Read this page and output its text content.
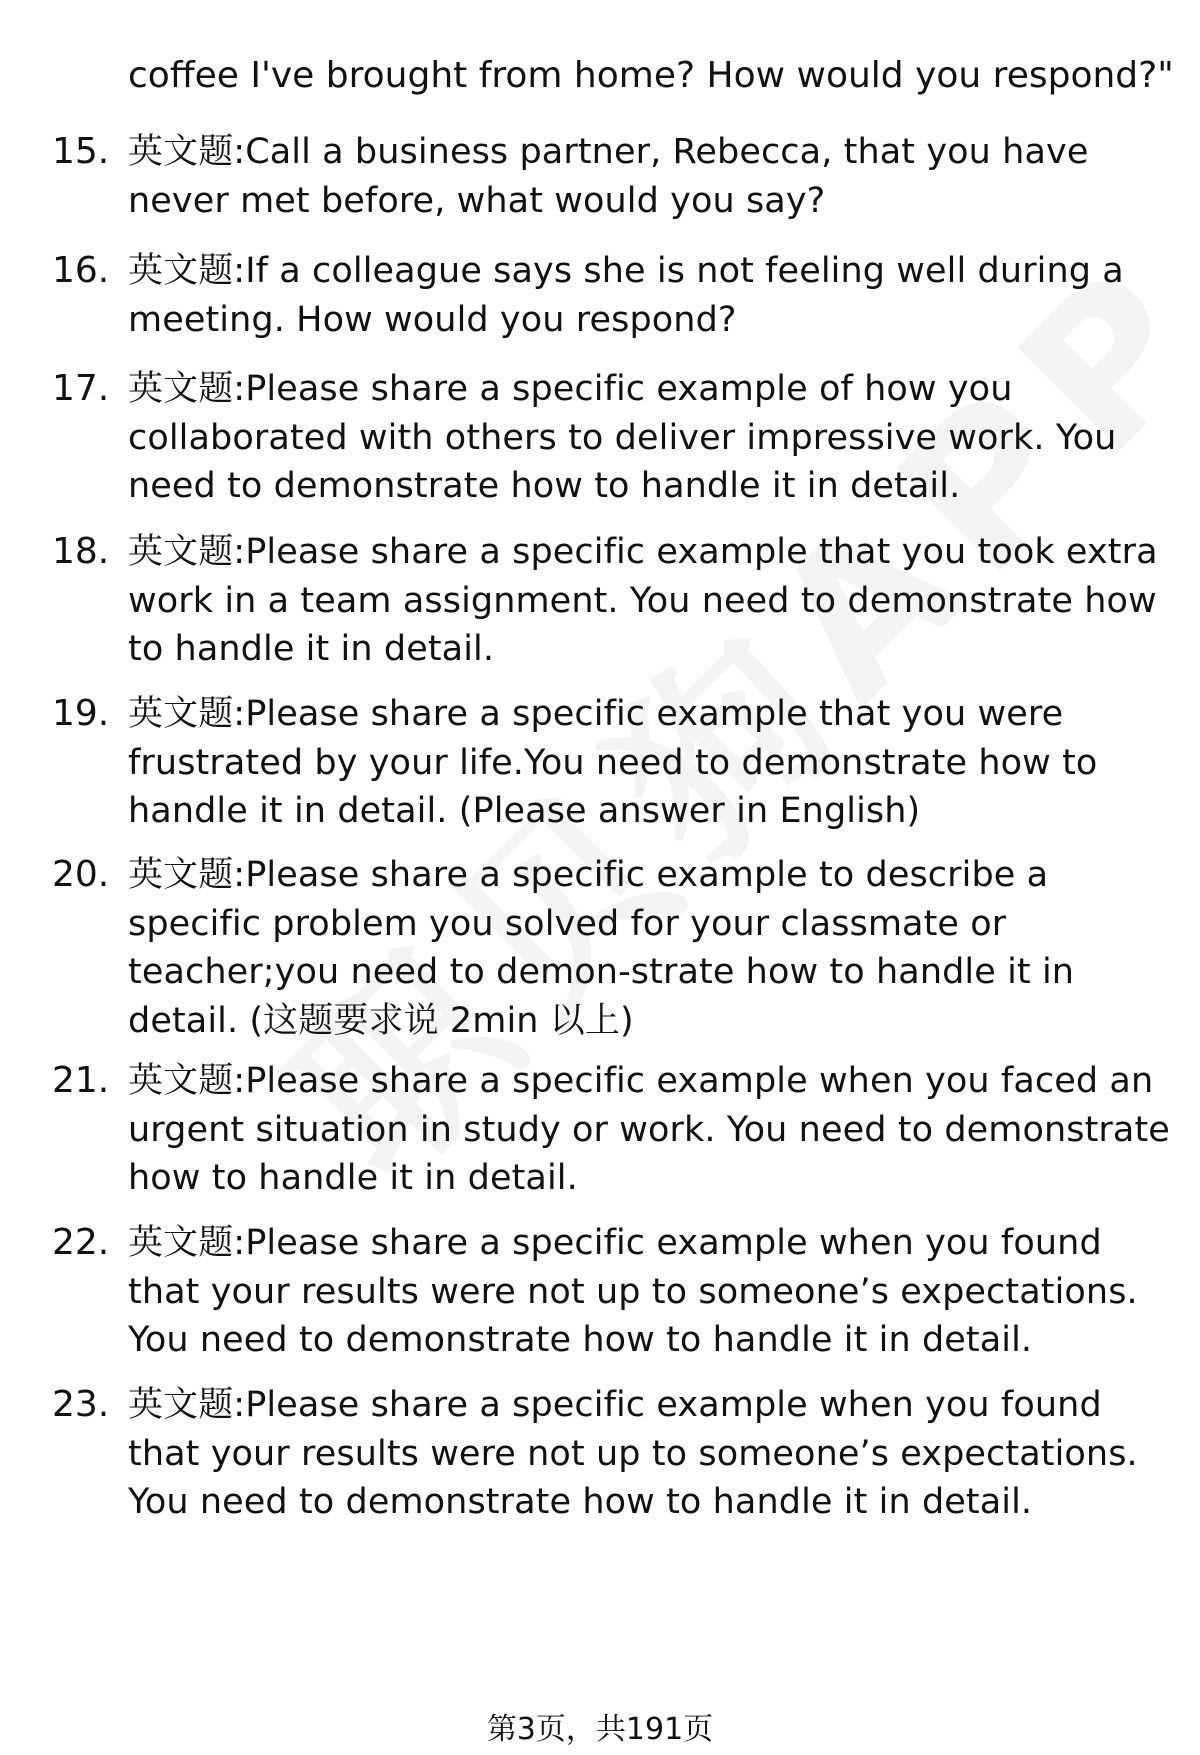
coffee I've brought from home? How would you respond?"
15. 英文题:Call a business partner, Rebecca, that you have never met before, what would you say?
16. 英文题:If a colleague says she is not feeling well during a meeting. How would you respond?
17. 英文题:Please share a specific example of how you collaborated with others to deliver impressive work. You need to demonstrate how to handle it in detail.
18. 英文题:Please share a specific example that you took extra work in a team assignment. You need to demonstrate how to handle it in detail.
19. 英文题:Please share a specific example that you were frustrated by your life.You need to demonstrate how to handle it in detail. (Please answer in English)
20. 英文题:Please share a specific example to describe a specific problem you solved for your classmate or teacher;you need to demon-strate how to handle it in detail. (这题要求说 2min 以上)
21. 英文题:Please share a specific example when you faced an urgent situation in study or work. You need to demonstrate how to handle it in detail.
22. 英文题:Please share a specific example when you found that your results were not up to someone’s expectations. You need to demonstrate how to handle it in detail.
23. 英文题:Please share a specific example when you found that your results were not up to someone’s expectations. You need to demonstrate how to handle it in detail.
第3页，共191页
